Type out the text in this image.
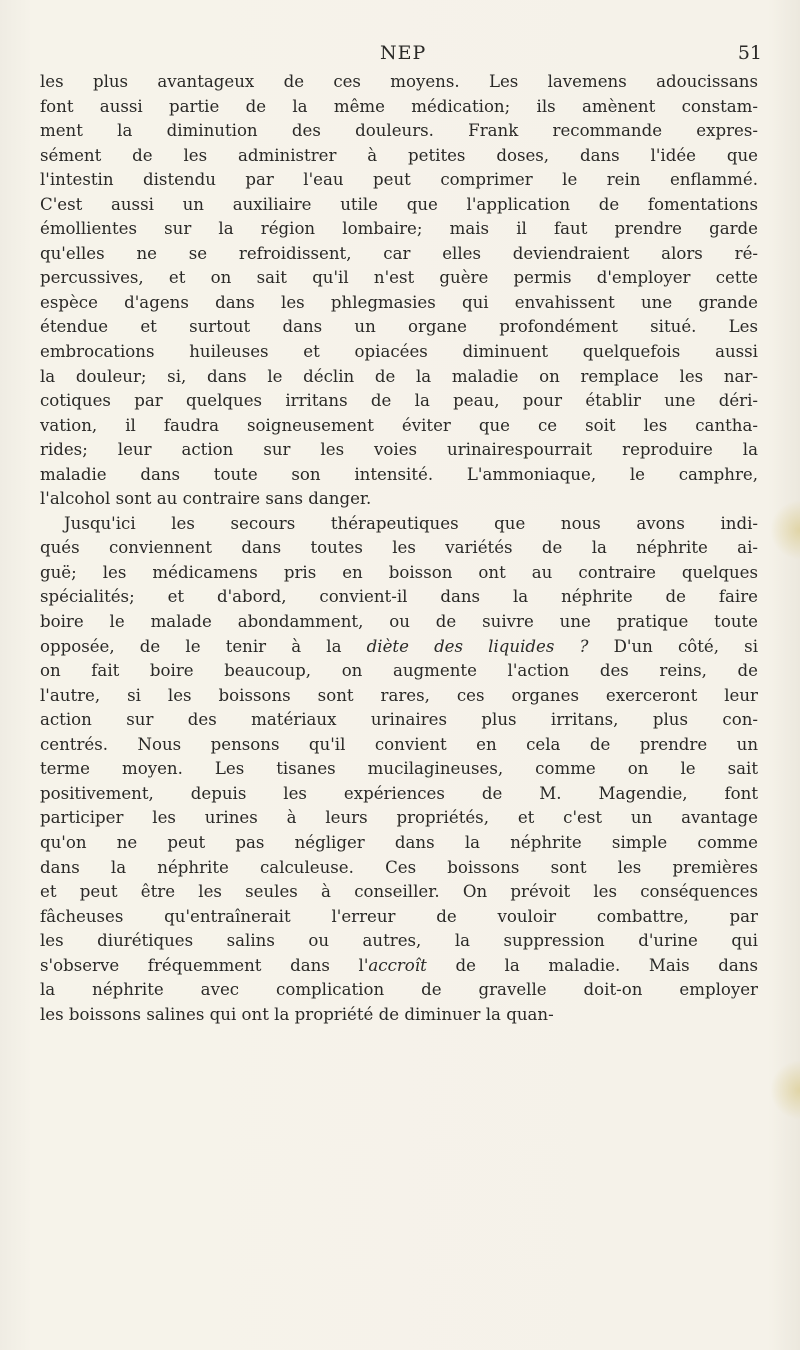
NEP	51
les plus avantageux de ces moyens. Les lavemens adoucissans
font aussi partie de la même médication; ils amènent constam-
ment la diminution des douleurs. Frank recommande expres-
sément de les administrer à petites doses, dans l'idée que
l'intestin distendu par l'eau peut comprimer le rein enflammé.
C'est aussi un auxiliaire utile que l'application de fomentations
émollientes sur la région lombaire; mais il faut prendre garde
qu'elles ne se refroidissent, car elles deviendraient alors ré-
percussives, et on sait qu'il n'est guère permis d'employer cette
espèce d'agens dans les phlegmasies qui envahissent une grande
étendue et surtout dans un organe profondément situé. Les
embrocations huileuses et opiacées diminuent quelquefois aussi
la douleur; si, dans le déclin de la maladie on remplace les nar-
cotiques par quelques irritans de la peau, pour établir une déri-
vation, il faudra soigneusement éviter que ce soit les cantha-
rides; leur action sur les voies urinairespourrait reproduire la
maladie dans toute son intensité. L'ammoniaque, le camphre,
l'alcohol sont au contraire sans danger.
Jusqu'ici les secours thérapeutiques que nous avons indi-
qués conviennent dans toutes les variétés de la néphrite ai-
guë; les médicamens pris en boisson ont au contraire quelques
spécialités; et d'abord, convient-il dans la néphrite de faire
boire le malade abondamment, ou de suivre une pratique toute
opposée, de le tenir à la diète des liquides ? D'un côté, si
on fait boire beaucoup, on augmente l'action des reins, de
l'autre, si les boissons sont rares, ces organes exerceront leur
action sur des matériaux urinaires plus irritans, plus con-
centrés. Nous pensons qu'il convient en cela de prendre un
terme moyen. Les tisanes mucilagineuses, comme on le sait
positivement, depuis les expériences de M. Magendie, font
participer les urines à leurs propriétés, et c'est un avantage
qu'on ne peut pas négliger dans la néphrite simple comme
dans la néphrite calculeuse. Ces boissons sont les premières
et peut être les seules à conseiller. On prévoit les conséquences
fâcheuses qu'entraînerait l'erreur de vouloir combattre, par
les diurétiques salins ou autres, la suppression d'urine qui
s'observe fréquemment dans l'accroît de la maladie. Mais dans
la néphrite avec complication de gravelle doit-on employer
les boissons salines qui ont la propriété de diminuer la quan-
